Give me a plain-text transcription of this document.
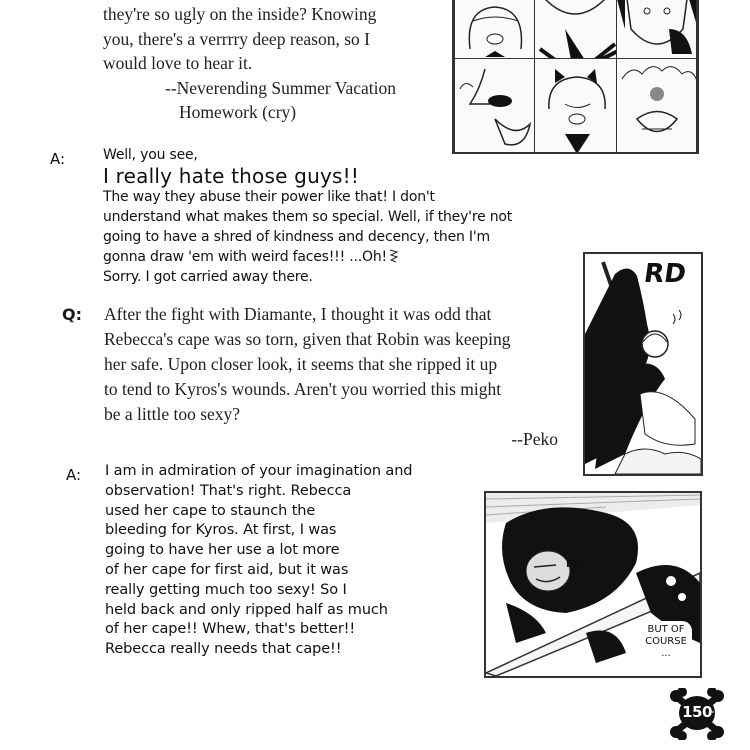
they're so ugly on the inside? Knowing
you, there's a verrrry deep reason, so I
would love to hear it.
--Neverending Summer Vacation
Homework (cry)
A:	Well, you see,
I really hate those guys!!
The way they abuse their power like that! I don't
understand what makes them so special. Well, if they're not
going to have a shred of kindness and decency, then I'm
gonna draw 'em with weird faces!!! ...Oh!
Sorry. I got carried away there.
Q: After the fight with Diamante, I thought it was odd that
Rebecca's cape was so torn, given that Robin was keeping
her safe. Upon closer look, it seems that she ripped it up
to tend to Kyros's wounds. Aren't you worried this might
be a little too sexy?
--Peko
RD
A: I am in admiration of your imagination and
observation! That's right. Rebecca
used her cape to staunch the
bleeding for Kyros. At first, I was
going to have her use a lot more
of her cape for first aid, but it was
really getting much too sexy! So I
held back and only ripped half as much
of her cape!! Whew, that's better!!
Rebecca really needs that cape!!
HUFF...
HUFF...
BUT OF COURSE ...
150
